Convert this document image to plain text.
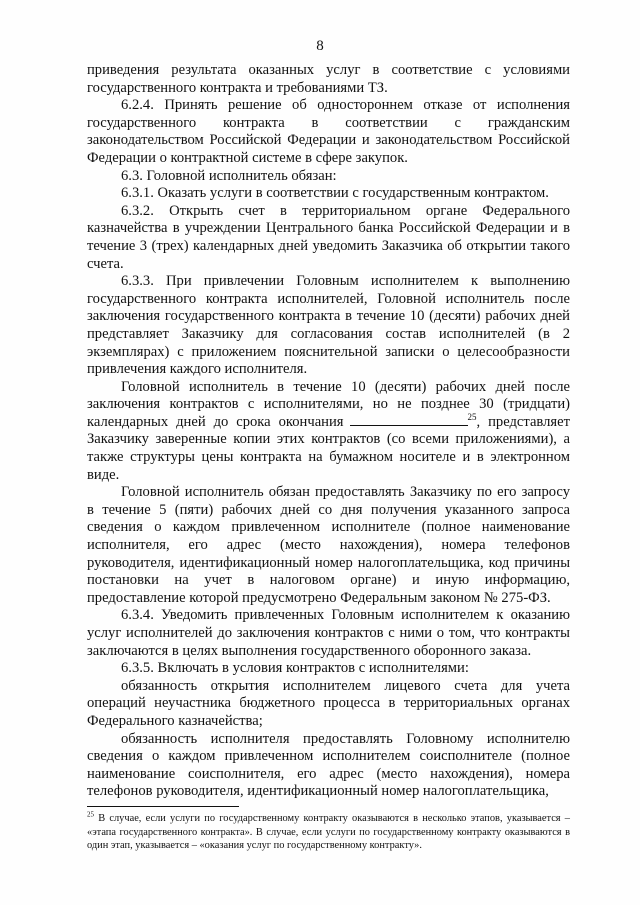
8

приведения результата оказанных услуг в соответствие с условиями государственного контракта и требованиями ТЗ.

6.2.4. Принять решение об одностороннем отказе от исполнения государственного контракта в соответствии с гражданским законодательством Российской Федерации и законодательством Российской Федерации о контрактной системе в сфере закупок.

6.3. Головной исполнитель обязан:

6.3.1. Оказать услуги в соответствии с государственным контрактом.

6.3.2. Открыть счет в территориальном органе Федерального казначейства в учреждении Центрального банка Российской Федерации и в течение 3 (трех) календарных дней уведомить Заказчика об открытии такого счета.

6.3.3. При привлечении Головным исполнителем к выполнению государственного контракта исполнителей, Головной исполнитель после заключения государственного контракта в течение 10 (десяти) рабочих дней представляет Заказчику для согласования состав исполнителей (в 2 экземплярах) с приложением пояснительной записки о целесообразности привлечения каждого исполнителя.

Головной исполнитель в течение 10 (десяти) рабочих дней после заключения контрактов с исполнителями, но не позднее 30 (тридцати) календарных дней до срока окончания	$^{25}$, представляет Заказчику заверенные копии этих контрактов (со всеми приложениями), а также структуры цены контракта на бумажном носителе и в электронном виде.

Головной исполнитель обязан предоставлять Заказчику по его запросу в течение 5 (пяти) рабочих дней со дня получения указанного запроса сведения о каждом привлеченном исполнителе (полное наименование исполнителя, его адрес (место нахождения), номера телефонов руководителя, идентификационный номер налогоплательщика, код причины постановки на учет в налоговом органе) и иную информацию, предоставление которой предусмотрено Федеральным законом № 275-ФЗ.

6.3.4. Уведомить привлеченных Головным исполнителем к оказанию услуг исполнителей до заключения контрактов с ними о том, что контракты заключаются в целях выполнения государственного оборонного заказа.

6.3.5. Включать в условия контрактов с исполнителями:

обязанность открытия исполнителем лицевого счета для учета операций неучастника бюджетного процесса в территориальных органах Федерального казначейства;

обязанность исполнителя предоставлять Головному исполнителю сведения о каждом привлеченном исполнителем соисполнителе (полное наименование соисполнителя, его адрес (место нахождения), номера телефонов руководителя, идентификационный номер налогоплательщика,

$^{25}$ В случае, если услуги по государственному контракту оказываются в несколько этапов, указывается – «этапа государственного контракта». В случае, если услуги по государственному контракту оказываются в один этап, указывается – «оказания услуг по государственному контракту».
